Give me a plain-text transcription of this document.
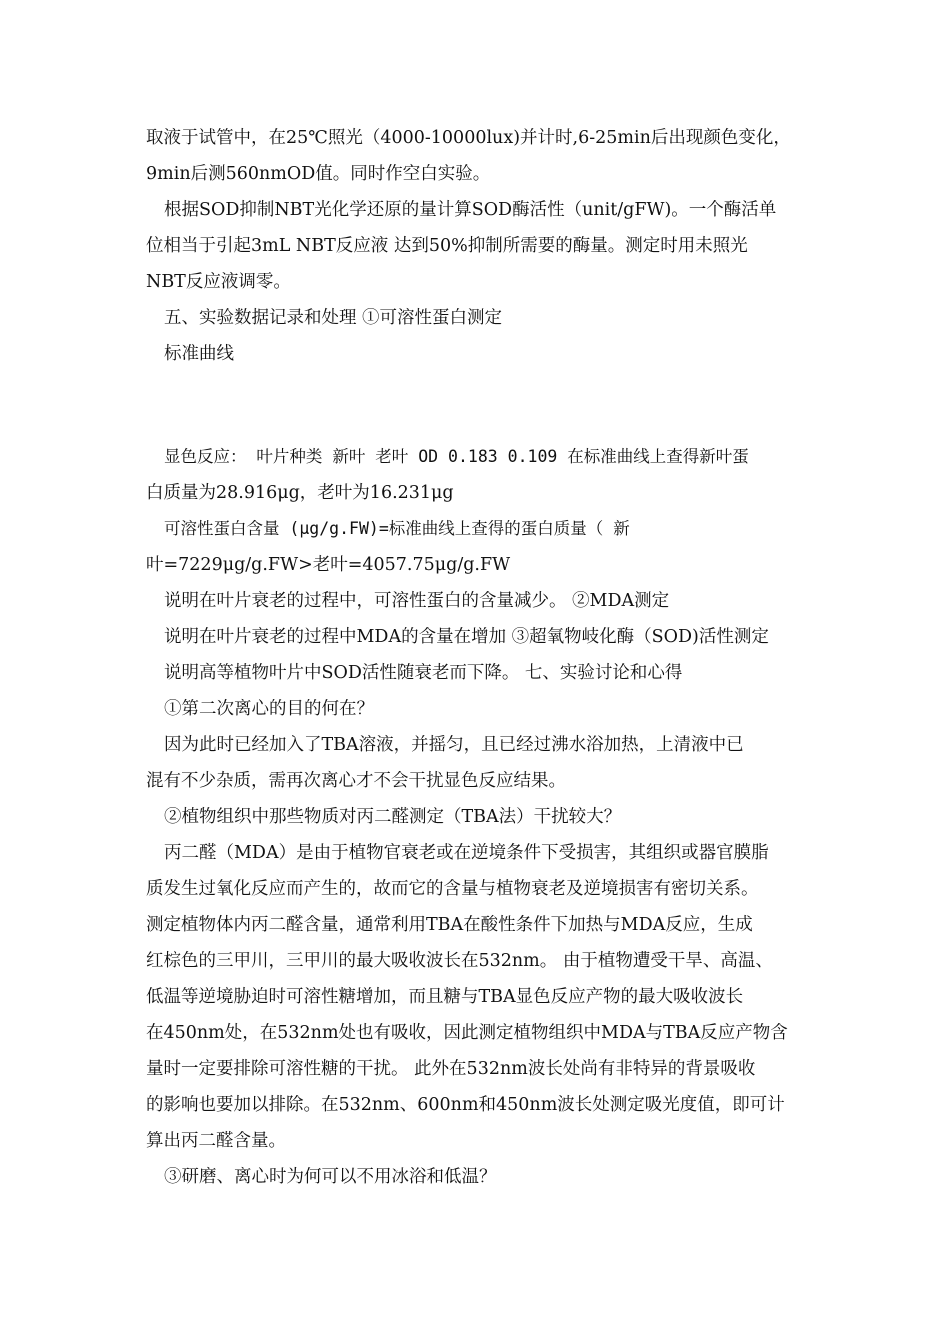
取液于试管中，在25℃照光（4000-10000lux)并计时,6-25min后出现颜色变化，
9min后测560nmOD值。同时作空白实验。
根据SOD抑制NBT光化学还原的量计算SOD酶活性（unit/gFW)。一个酶活单
位相当于引起3mL NBT反应液 达到50%抑制所需要的酶量。测定时用未照光
NBT反应液调零。
五、实验数据记录和处理 ①可溶性蛋白测定
标准曲线
显色反应： 叶片种类 新叶 老叶 OD 0.183 0.109 在标准曲线上查得新叶蛋
白质量为28.916μg，老叶为16.231μg
可溶性蛋白含量 (μg/g.FW)=标准曲线上查得的蛋白质量（ 新
叶=7229μg/g.FW>老叶=4057.75μg/g.FW
说明在叶片衰老的过程中，可溶性蛋白的含量减少。 ②MDA测定
说明在叶片衰老的过程中MDA的含量在增加 ③超氧物岐化酶（SOD)活性测定
说明高等植物叶片中SOD活性随衰老而下降。 七、实验讨论和心得
①第二次离心的目的何在？
因为此时已经加入了TBA溶液，并摇匀，且已经过沸水浴加热，上清液中已
混有不少杂质，需再次离心才不会干扰显色反应结果。
②植物组织中那些物质对丙二醛测定（TBA法）干扰较大？
丙二醛（MDA）是由于植物官衰老或在逆境条件下受损害，其组织或器官膜脂
质发生过氧化反应而产生的，故而它的含量与植物衰老及逆境损害有密切关系。
测定植物体内丙二醛含量，通常利用TBA在酸性条件下加热与MDA反应，生成
红棕色的三甲川，三甲川的最大吸收波长在532nm。 由于植物遭受干旱、高温、
低温等逆境胁迫时可溶性糖增加，而且糖与TBA显色反应产物的最大吸收波长
在450nm处，在532nm处也有吸收，因此测定植物组织中MDA与TBA反应产物含
量时一定要排除可溶性糖的干扰。 此外在532nm波长处尚有非特异的背景吸收
的影响也要加以排除。在532nm、600nm和450nm波长处测定吸光度值，即可计
算出丙二醛含量。
③研磨、离心时为何可以不用冰浴和低温？
